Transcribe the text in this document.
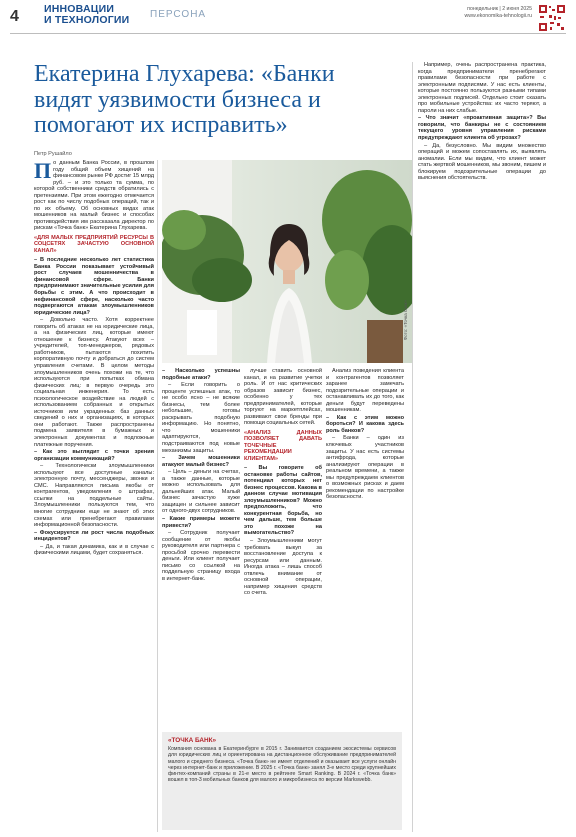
4 ИННОВАЦИИ
И ТЕХНОЛОГИИ ПЕРСОНА	понедельник | 2 июня 2025
www.ekonomika-tehnologii.ru
Екатерина Глухарева: «Банки видят уязвимости бизнеса и помогают их исправить»
Петр Рушайло

По данным Банка России, в прошлом году общий объем хищений на финансовом рынке РФ достиг 15 млрд руб. – и это только та сумма, по которой собственники средств обратились с претензиями. При этом ежегодно отмечается рост как по числу подобных операций, так и по их объему. Об основных видах атак мошенников на малый бизнес и способах противодействия им рассказала директор по рискам «Точка банк» Екатерина Глухарева.

«ДЛЯ МАЛЫХ ПРЕДПРИЯТИЙ РЕСУРСЫ В СОЦСЕТЯХ ЗАЧАСТУЮ ОСНОВНОЙ КАНАЛ»

– В последние несколько лет статистика Банка России показывает устойчивый рост случаев мошенничества в финансовой сфере. Банки предпринимают значительные усилия для борьбы с этим. А что происходит в нефинансовой сфере, насколько часто подвергаются атакам злоумышленников юридические лица?

– Довольно часто. Хотя корректнее говорить об атаках не на юридические лица, а на физических лиц, которые имеют отношение к бизнесу. Атакуют всех – учредителей, топ-менеджеров, рядовых работников, пытаются похитить корпоративную почту и добраться до систем управления счетами. В целом методы злоумышленников очень похожи на те, что используются при попытках обмана физических лиц: в первую очередь это социальная инженерия. То есть психологическое воздействие на людей с использованием собранных и открытых источников или украденных баз данных сведений о них и организациях, в которых они работают. Также распространены подмена заявителя в бумажных и электронных документах и подложные платежные поручения.

– Как это выглядит с точки зрения организации коммуникаций?

– Технологически злоумышленники используют все доступные каналы: электронную почту, мессенджеры, звонки и СМС. Направляются письма якобы от контрагентов, уведомления о штрафах, ссылки на поддельные сайты. Злоумышленники пользуются тем, что многие сотрудники еще не знают об этих схемах или пренебрегают правилами информационной безопасности.

– Фокусируется ли рост числа подобных инцидентов?

– Да, и такая динамика, как и в случае с физическими лицами, будет сохраняться.

Фото: «Точка банк»

– Насколько успешны подобные атаки?

– Если говорить о проценте успешных атак, то не особо ясно – не всякие бизнесы, тем более небольшие, готовы раскрывать подобную информацию. Но понятно, что мошенники адаптируются, подстраиваются под новые механизмы защиты.

– Зачем мошенники атакуют малый бизнес?

– Цель – деньги на счетах, а также данные, которые можно использовать для дальнейших атак. Малый бизнес зачастую хуже защищен и сильнее зависит от одного-двух сотрудников.

– Какие примеры можете привести?

– Сотрудник получает сообщение от якобы руководителя или партнера с просьбой срочно перевести деньги. Или клиент получает письмо со ссылкой на поддельную страницу входа в интернет-банк.

лучше ставить основной канал, и на развитие учетки роль. И от нас критических образов зависит бизнес, особенно у тех предпринимателей, которые торгуют на маркетплейсах, развивают свои бренды при помощи социальных сетей.

«АНАЛИЗ ДАННЫХ ПОЗВОЛЯЕТ ДАВАТЬ ТОЧЕЧНЫЕ РЕКОМЕНДАЦИИ КЛИЕНТАМ»

– Вы говорите об остановке работы сайтов, потенциал которых нет бизнес процессов. Какова в данном случае мотивация злоумышленников? Можно предположить, что конкурентная борьба, но чем дальше, тем больше это похоже на вымогательство?

– Злоумышленники могут требовать выкуп за восстановление доступа к ресурсам или данным. Иногда атака – лишь способ отвлечь внимание от основной операции, например хищения средств со счета.

Анализ поведения клиента и контрагентов позволяет заранее замечать подозрительные операции и останавливать их до того, как деньги будут переведены мошенникам.

– Как с этим можно бороться? И какова здесь роль банков?

– Банки – один из ключевых участников защиты. У нас есть системы антифрода, которые анализируют операции в реальном времени, а также мы предупреждаем клиентов о возможных рисках и даем рекомендации по настройке безопасности.

«ТОЧКА БАНК»
Компания основана в Екатеринбурге в 2015 г. Занимается созданием экосистемы сервисов для юридических лиц и ориентирована на дистанционное обслуживание предпринимателей малого и среднего бизнеса. «Точка банк» не имеет отделений и оказывает все услуги онлайн через интернет-банк и приложение. В 2025 г. «Точка банк» занял 3-е место среди крупнейших финтех-компаний страны в 21-е место в рейтинге Smart Ranking. В 2024 г. «Точка банк» вошел в топ-3 мобильных банков для малого и микробизнеса по версии Markswebb.

Например, очень распространена практика, когда предприниматели пренебрегают правилами безопасности при работе с электронными подписями. У нас есть клиенты, которые постоянно пользуются разными типами электронных подписей. Отдельно стоит сказать про мобильные устройства: их часто теряют, а пароли на них слабые.

– Что значит «проактивная защита»? Вы говорили, что банкиры не с состоянием текущего уровня управления рисками предупреждают клиента об угрозах?

– Да, безусловно. Мы видим множество операций и можем сопоставлять их, выявлять аномалии. Если мы видим, что клиент может стать жертвой мошенников, мы звоним, пишем и блокируем подозрительные операции до выяснения обстоятельств.
